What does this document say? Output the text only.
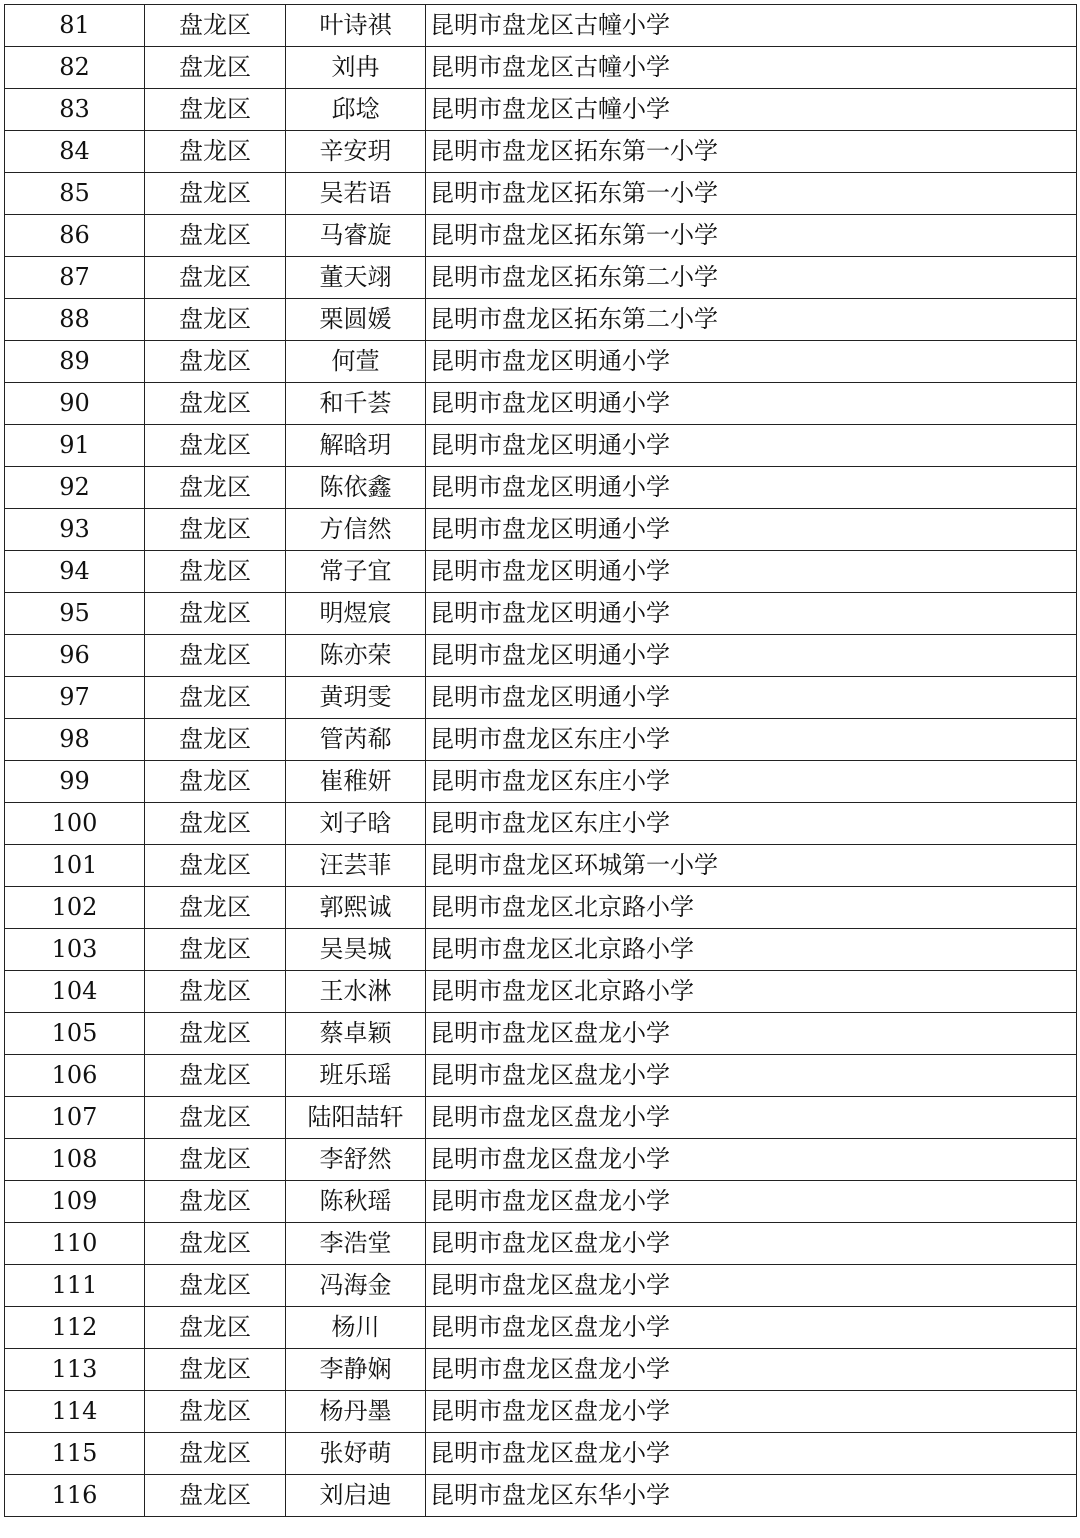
81	盘龙区	叶诗祺	昆明市盘龙区古幢小学
82	盘龙区	刘冉	昆明市盘龙区古幢小学
83	盘龙区	邱埝	昆明市盘龙区古幢小学
84	盘龙区	辛安玥	昆明市盘龙区拓东第一小学
85	盘龙区	吴若语	昆明市盘龙区拓东第一小学
86	盘龙区	马睿旋	昆明市盘龙区拓东第一小学
87	盘龙区	董天翊	昆明市盘龙区拓东第二小学
88	盘龙区	栗圆媛	昆明市盘龙区拓东第二小学
89	盘龙区	何萱	昆明市盘龙区明通小学
90	盘龙区	和千荟	昆明市盘龙区明通小学
91	盘龙区	解晗玥	昆明市盘龙区明通小学
92	盘龙区	陈依鑫	昆明市盘龙区明通小学
93	盘龙区	方信然	昆明市盘龙区明通小学
94	盘龙区	常子宜	昆明市盘龙区明通小学
95	盘龙区	明煜宸	昆明市盘龙区明通小学
96	盘龙区	陈亦荣	昆明市盘龙区明通小学
97	盘龙区	黄玥雯	昆明市盘龙区明通小学
98	盘龙区	管芮郗	昆明市盘龙区东庄小学
99	盘龙区	崔稚妍	昆明市盘龙区东庄小学
100	盘龙区	刘子晗	昆明市盘龙区东庄小学
101	盘龙区	汪芸菲	昆明市盘龙区环城第一小学
102	盘龙区	郭熙诚	昆明市盘龙区北京路小学
103	盘龙区	吴昊城	昆明市盘龙区北京路小学
104	盘龙区	王水淋	昆明市盘龙区北京路小学
105	盘龙区	蔡卓颖	昆明市盘龙区盘龙小学
106	盘龙区	班乐瑶	昆明市盘龙区盘龙小学
107	盘龙区	陆阳喆轩	昆明市盘龙区盘龙小学
108	盘龙区	李舒然	昆明市盘龙区盘龙小学
109	盘龙区	陈秋瑶	昆明市盘龙区盘龙小学
110	盘龙区	李浩堂	昆明市盘龙区盘龙小学
111	盘龙区	冯海金	昆明市盘龙区盘龙小学
112	盘龙区	杨川	昆明市盘龙区盘龙小学
113	盘龙区	李静娴	昆明市盘龙区盘龙小学
114	盘龙区	杨丹墨	昆明市盘龙区盘龙小学
115	盘龙区	张妤萌	昆明市盘龙区盘龙小学
116	盘龙区	刘启迪	昆明市盘龙区东华小学
